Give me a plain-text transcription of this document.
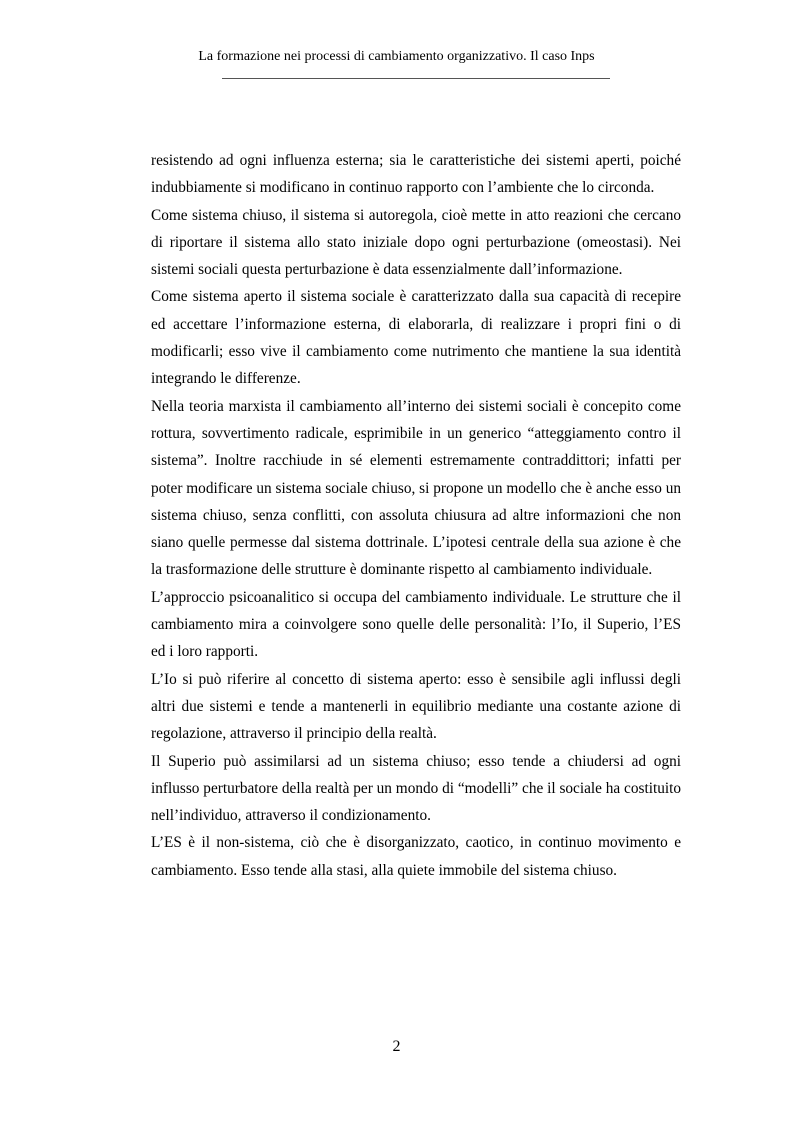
La formazione nei processi di cambiamento organizzativo. Il caso Inps

resistendo ad ogni influenza esterna; sia le caratteristiche dei sistemi aperti, poiché indubbiamente si modificano in continuo rapporto con l’ambiente che lo circonda.

Come sistema chiuso, il sistema si autoregola, cioè mette in atto reazioni che cercano di riportare il sistema allo stato iniziale dopo ogni perturbazione (omeostasi). Nei sistemi sociali questa perturbazione è data essenzialmente dall’informazione.

Come sistema aperto il sistema sociale è caratterizzato dalla sua capacità di recepire ed accettare l’informazione esterna, di elaborarla, di realizzare i propri fini o di modificarli; esso vive il cambiamento come nutrimento che mantiene la sua identità integrando le differenze.

Nella teoria marxista il cambiamento all’interno dei sistemi sociali è concepito come rottura, sovvertimento radicale, esprimibile in un generico “atteggiamento contro il sistema”. Inoltre racchiude in sé elementi estremamente contraddittori; infatti per poter modificare un sistema sociale chiuso, si propone un modello che è anche esso un sistema chiuso, senza conflitti, con assoluta chiusura ad altre informazioni che non siano quelle permesse dal sistema dottrinale. L’ipotesi centrale della sua azione è che la trasformazione delle strutture è dominante rispetto al cambiamento individuale.

L’approccio psicoanalitico si occupa del cambiamento individuale. Le strutture che il cambiamento mira a coinvolgere sono quelle delle personalità: l’Io, il Superio, l’ES ed i loro rapporti.

L’Io si può riferire al concetto di sistema aperto: esso è sensibile agli influssi degli altri due sistemi e tende a mantenerli in equilibrio mediante una costante azione di regolazione, attraverso il principio della realtà.

Il Superio può assimilarsi ad un sistema chiuso; esso tende a chiudersi ad ogni influsso perturbatore della realtà per un mondo di “modelli” che il sociale ha costituito nell’individuo, attraverso il condizionamento.

L’ES è il non-sistema, ciò che è disorganizzato, caotico, in continuo movimento e cambiamento. Esso tende alla stasi, alla quiete immobile del sistema chiuso.

2
